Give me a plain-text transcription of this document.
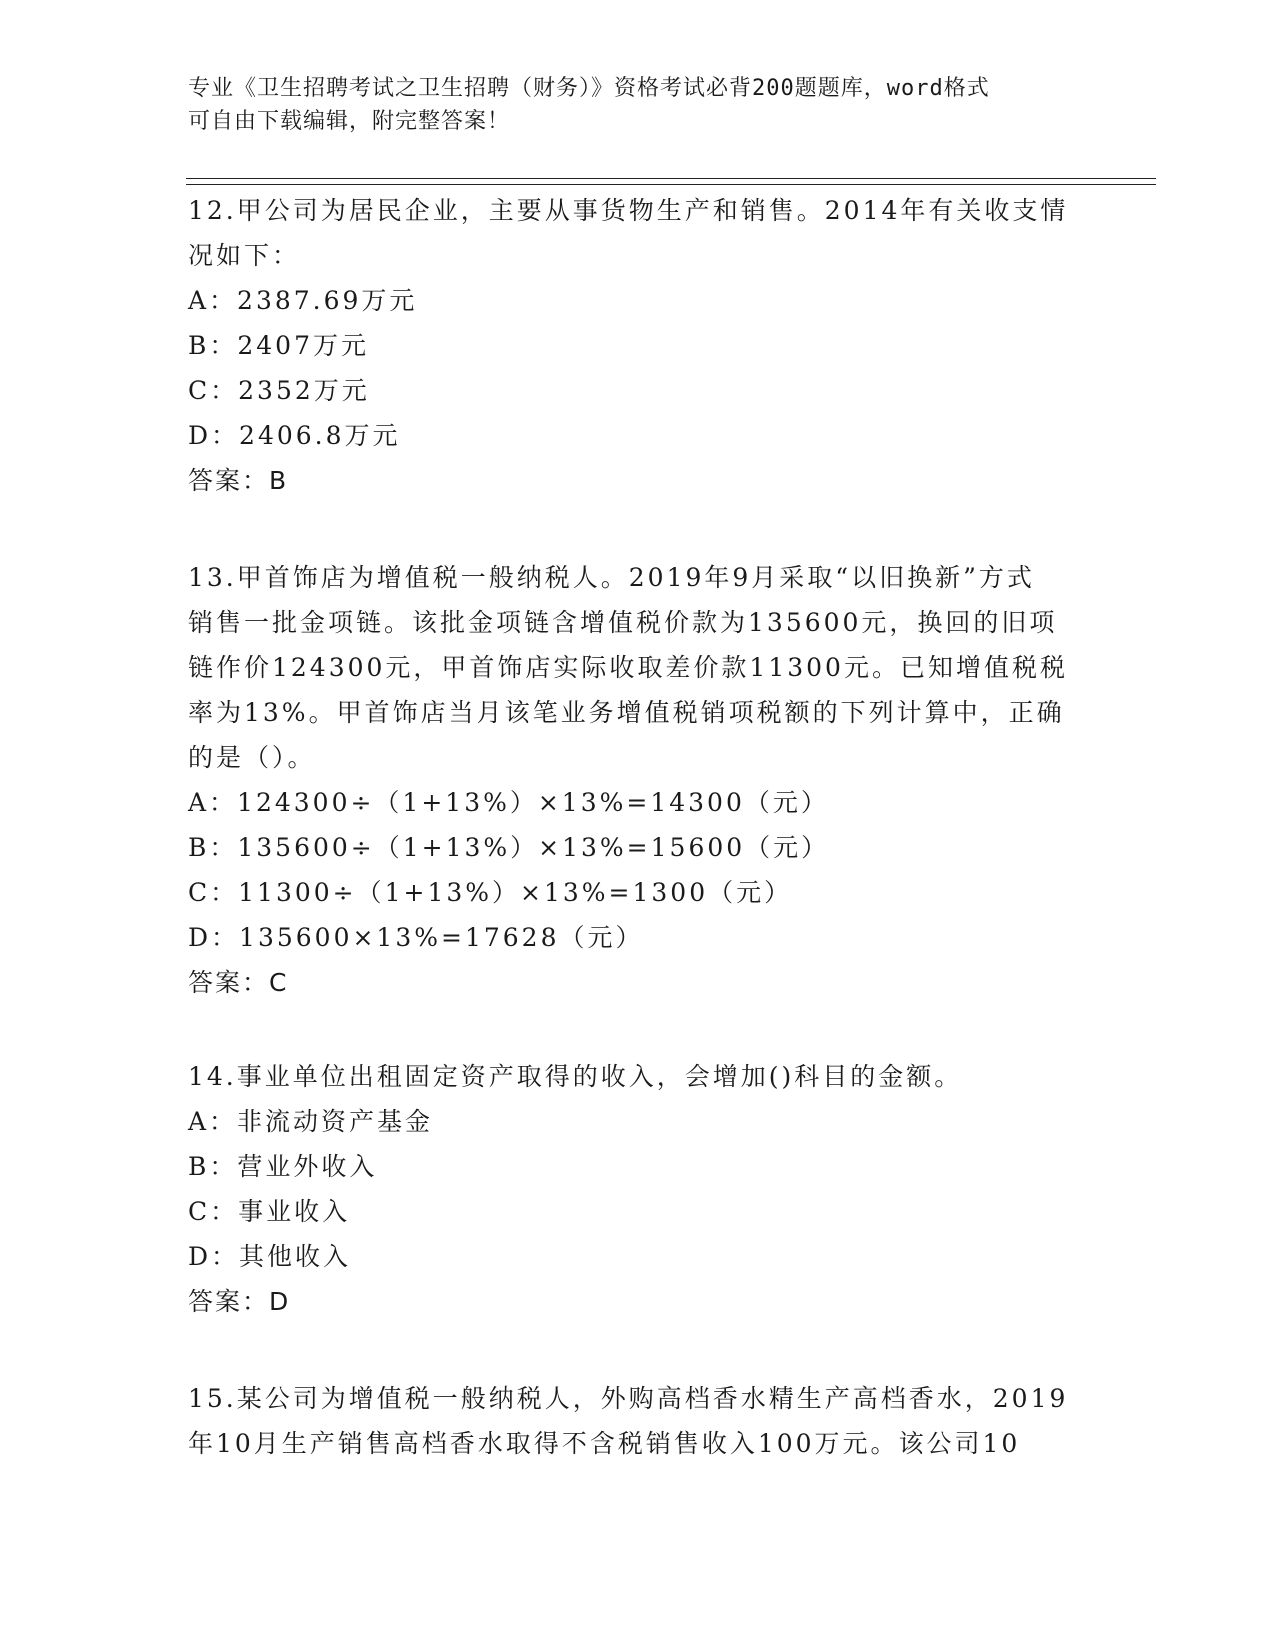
专业《卫生招聘考试之卫生招聘（财务）》资格考试必背200题题库，word格式
可自由下载编辑，附完整答案！
12.甲公司为居民企业，主要从事货物生产和销售。2014年有关收支情
况如下：
A：2387.69万元
B：2407万元
C：2352万元
D：2406.8万元
答案：B
13.甲首饰店为增值税一般纳税人。2019年9月采取“以旧换新”方式
销售一批金项链。该批金项链含增值税价款为135600元，换回的旧项
链作价124300元，甲首饰店实际收取差价款11300元。已知增值税税
率为13%。甲首饰店当月该笔业务增值税销项税额的下列计算中，正确
的是（）。
A：124300÷（1+13%）×13%=14300（元）
B：135600÷（1+13%）×13%=15600（元）
C：11300÷（1+13%）×13%=1300（元）
D：135600×13%=17628（元）
答案：C
14.事业单位出租固定资产取得的收入，会增加()科目的金额。
A：非流动资产基金
B：营业外收入
C：事业收入
D：其他收入
答案：D
15.某公司为增值税一般纳税人，外购高档香水精生产高档香水，2019
年10月生产销售高档香水取得不含税销售收入100万元。该公司10
